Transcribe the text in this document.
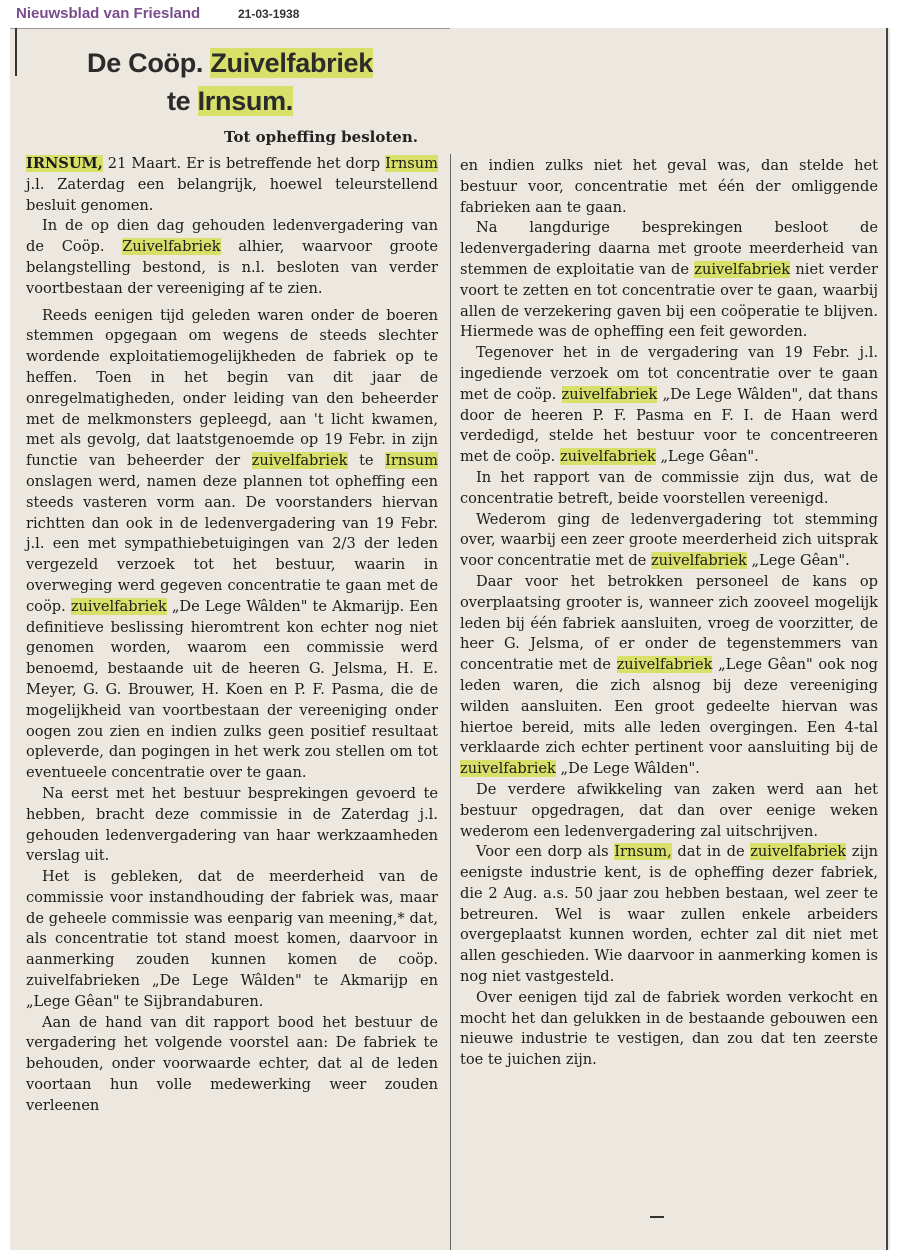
Nieuwsblad van Friesland	21-03-1938
De Coöp. Zuivelfabriek
te Irnsum.
Tot opheffing besloten.

IRNSUM, 21 Maart. Er is betreffende het dorp Irnsum j.l. Zaterdag een belangrijk, hoewel teleurstellend besluit genomen.

In de op dien dag gehouden ledenvergadering van de Coöp. Zuivelfabriek alhier, waarvoor groote belangstelling bestond, is n.l. besloten van verder voortbestaan der vereeniging af te zien.

Reeds eenigen tijd geleden waren onder de boeren stemmen opgegaan om wegens de steeds slechter wordende exploitatiemogelijkheden de fabriek op te heffen. Toen in het begin van dit jaar de onregelmatigheden, onder leiding van den beheerder met de melkmonsters gepleegd, aan 't licht kwamen, met als gevolg, dat laatstgenoemde op 19 Febr. in zijn functie van beheerder der zuivelfabriek te Irnsum onslagen werd, namen deze plannen tot opheffing een steeds vasteren vorm aan. De voorstanders hiervan richtten dan ook in de ledenvergadering van 19 Febr. j.l. een met sympathiebetuigingen van 2/3 der leden vergezeld verzoek tot het bestuur, waarin in overweging werd gegeven concentratie te gaan met de coöp. zuivelfabriek „De Lege Wâlden" te Akmarijp. Een definitieve beslissing hieromtrent kon echter nog niet genomen worden, waarom een commissie werd benoemd, bestaande uit de heeren G. Jelsma, H. E. Meyer, G. G. Brouwer, H. Koen en P. F. Pasma, die de mogelijkheid van voortbestaan der vereeniging onder oogen zou zien en indien zulks geen positief resultaat opleverde, dan pogingen in het werk zou stellen om tot eventueele concentratie over te gaan.

Na eerst met het bestuur besprekingen gevoerd te hebben, bracht deze commissie in de Zaterdag j.l. gehouden ledenvergadering van haar werkzaamheden verslag uit.

Het is gebleken, dat de meerderheid van de commissie voor instandhouding der fabriek was, maar de geheele commissie was eenparig van meening,* dat, als concentratie tot stand moest komen, daarvoor in aanmerking zouden kunnen komen de coöp. zuivelfabrieken „De Lege Wâlden" te Akmarijp en „Lege Gêan" te Sijbrandaburen.

Aan de hand van dit rapport bood het bestuur de vergadering het volgende voorstel aan: De fabriek te behouden, onder voorwaarde echter, dat al de leden voortaan hun volle medewerking weer zouden verleenen

en indien zulks niet het geval was, dan stelde het bestuur voor, concentratie met één der omliggende fabrieken aan te gaan.

Na langdurige besprekingen besloot de ledenvergadering daarna met groote meerderheid van stemmen de exploitatie van de zuivelfabriek niet verder voort te zetten en tot concentratie over te gaan, waarbij allen de verzekering gaven bij een coöperatie te blijven. Hiermede was de opheffing een feit geworden.

Tegenover het in de vergadering van 19 Febr. j.l. ingediende verzoek om tot concentratie over te gaan met de coöp. zuivelfabriek „De Lege Wâlden", dat thans door de heeren P. F. Pasma en F. I. de Haan werd verdedigd, stelde het bestuur voor te concentreeren met de coöp. zuivelfabriek „Lege Gêan".

In het rapport van de commissie zijn dus, wat de concentratie betreft, beide voorstellen vereenigd.

Wederom ging de ledenvergadering tot stemming over, waarbij een zeer groote meerderheid zich uitsprak voor concentratie met de zuivelfabriek „Lege Gêan".

Daar voor het betrokken personeel de kans op overplaatsing grooter is, wanneer zich zooveel mogelijk leden bij één fabriek aansluiten, vroeg de voorzitter, de heer G. Jelsma, of er onder de tegenstemmers van concentratie met de zuivelfabriek „Lege Gêan" ook nog leden waren, die zich alsnog bij deze vereeniging wilden aansluiten. Een groot gedeelte hiervan was hiertoe bereid, mits alle leden overgingen. Een 4-tal verklaarde zich echter pertinent voor aansluiting bij de zuivelfabriek „De Lege Wâlden".

De verdere afwikkeling van zaken werd aan het bestuur opgedragen, dat dan over eenige weken wederom een ledenvergadering zal uitschrijven.

Voor een dorp als Irnsum, dat in de zuivelfabriek zijn eenigste industrie kent, is de opheffing dezer fabriek, die 2 Aug. a.s. 50 jaar zou hebben bestaan, wel zeer te betreuren. Wel is waar zullen enkele arbeiders overgeplaatst kunnen worden, echter zal dit niet met allen geschieden. Wie daarvoor in aanmerking komen is nog niet vastgesteld.

Over eenigen tijd zal de fabriek worden verkocht en mocht het dan gelukken in de bestaande gebouwen een nieuwe industrie te vestigen, dan zou dat ten zeerste toe te juichen zijn.
